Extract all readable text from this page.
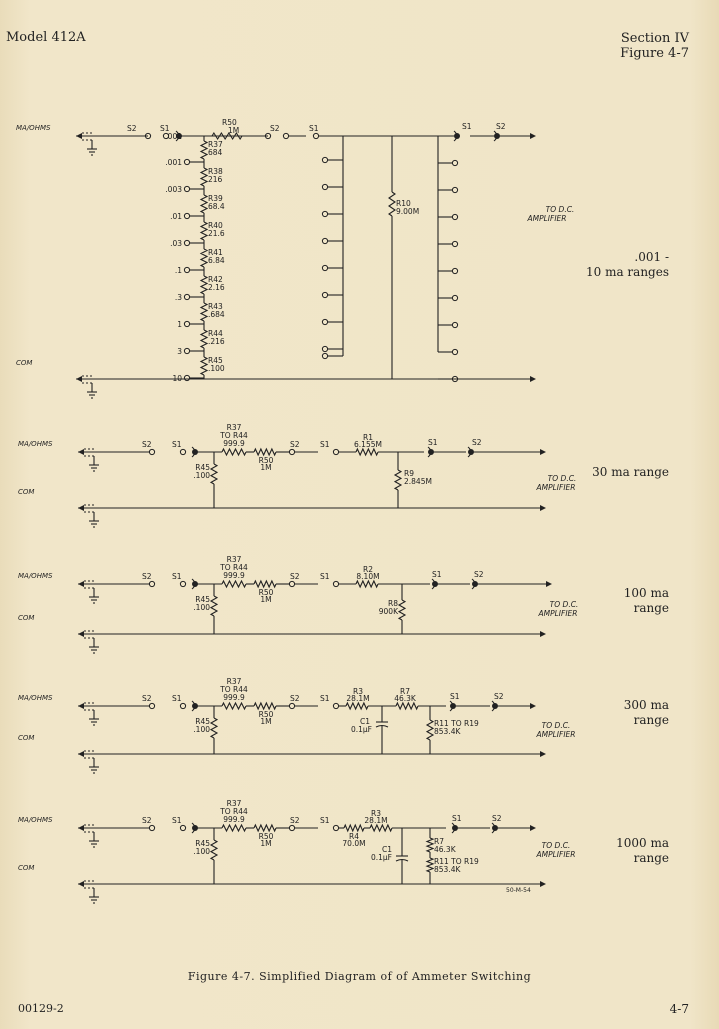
Model 412A	Section IV
Figure 4-7
.001 -
10 ma ranges
30 ma range
100 ma
range
300 ma
range
1000 ma
range
MA/OHMS	S2	S1
R50
1M	S2	S1	S1	S2
R37
684
R38
216
R39
68.4
R40
21.6
R41
6.84
R42
2.16
R43
.684
R44
.216
R45
.100
.001
.003
.01
.03
.1
.3
1
3
10
.001
R10
9.00M	TO D.C.
AMPLIFIER
COM
MA/OHMS	S2	S1
R37
TO R44
999.9
R50
1M
S2	S1
R45
.100
R1
6.155M
R9
2.845M
S1	S2
TO D.C.
AMPLIFIER
COM
MA/OHMS	S2	S1
R37
TO R44
999.9
R50
1M
S2	S1
R45
.100
R2
8.10M
R8
900K
S1	S2
TO D.C.
AMPLIFIER
COM
MA/OHMS	S2	S1
R37
TO R44
999.9
R50
1M
S2	S1
R45
.100
R3
28.1M
R7
46.3K
C1
0.1μF
R11 TO R19
853.4K
S1	S2
TO D.C.
AMPLIFIER
COM
MA/OHMS	S2	S1
R37
TO R44
999.9
R50
1M
S2	S1
R45
.100
R4
70.0M
R3
28.1M
C1
0.1μF
R7
46.3K
R11 TO R19
853.4K
S1	S2
TO D.C.
AMPLIFIER
COM
50-M-54
Figure 4-7. Simplified Diagram of of Ammeter Switching
00129-2	4-7
